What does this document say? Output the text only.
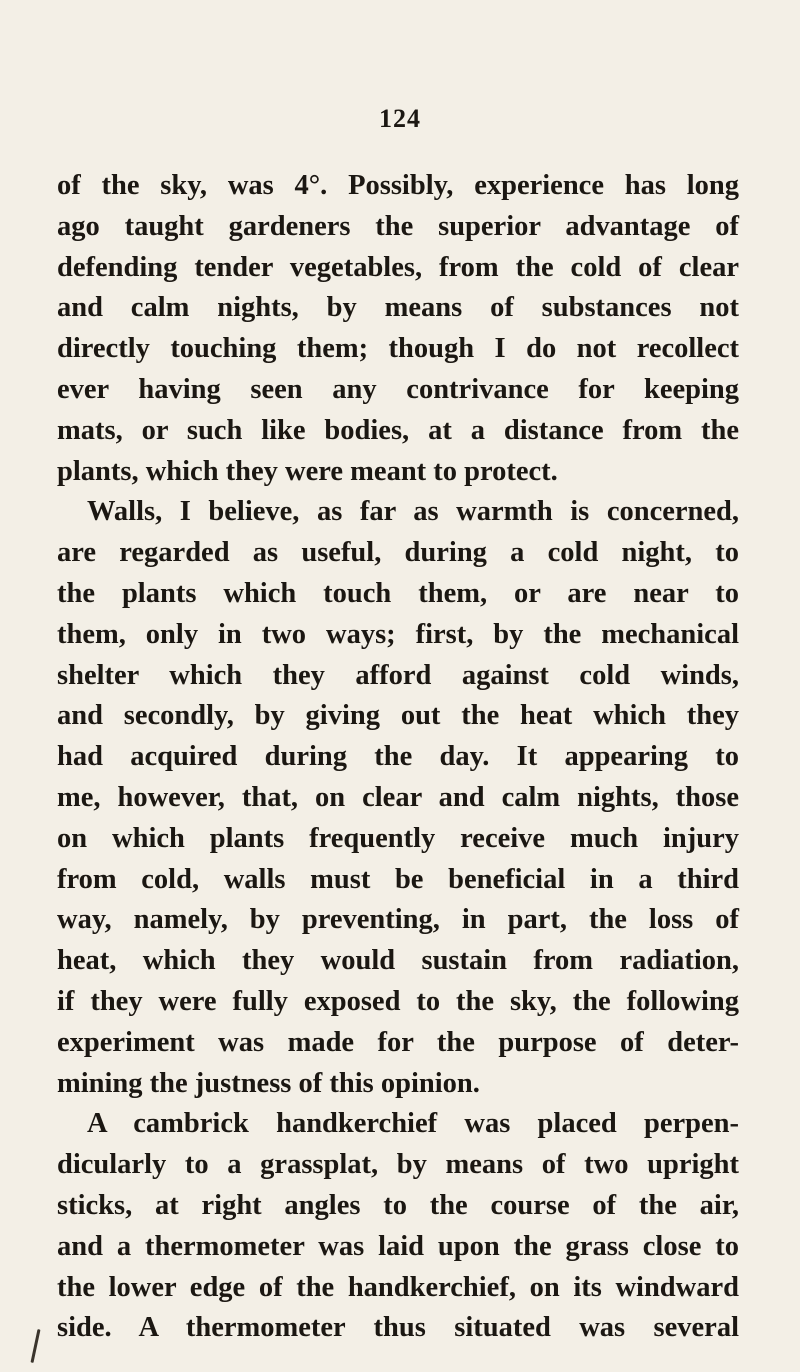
124
of the sky, was 4°. Possibly, experience has long
ago taught gardeners the superior advantage of
defending tender vegetables, from the cold of clear
and calm nights, by means of substances not
directly touching them; though I do not recollect
ever having seen any contrivance for keeping
mats, or such like bodies, at a distance from the
plants, which they were meant to protect.
Walls, I believe, as far as warmth is concerned,
are regarded as useful, during a cold night, to
the plants which touch them, or are near to
them, only in two ways; first, by the mechanical
shelter which they afford against cold winds,
and secondly, by giving out the heat which they
had acquired during the day. It appearing to
me, however, that, on clear and calm nights, those
on which plants frequently receive much injury
from cold, walls must be beneficial in a third
way, namely, by preventing, in part, the loss of
heat, which they would sustain from radiation,
if they were fully exposed to the sky, the following
experiment was made for the purpose of deter-
mining the justness of this opinion.
A cambrick handkerchief was placed perpen-
dicularly to a grassplat, by means of two upright
sticks, at right angles to the course of the air,
and a thermometer was laid upon the grass close to
the lower edge of the handkerchief, on its windward
side. A thermometer thus situated was several
